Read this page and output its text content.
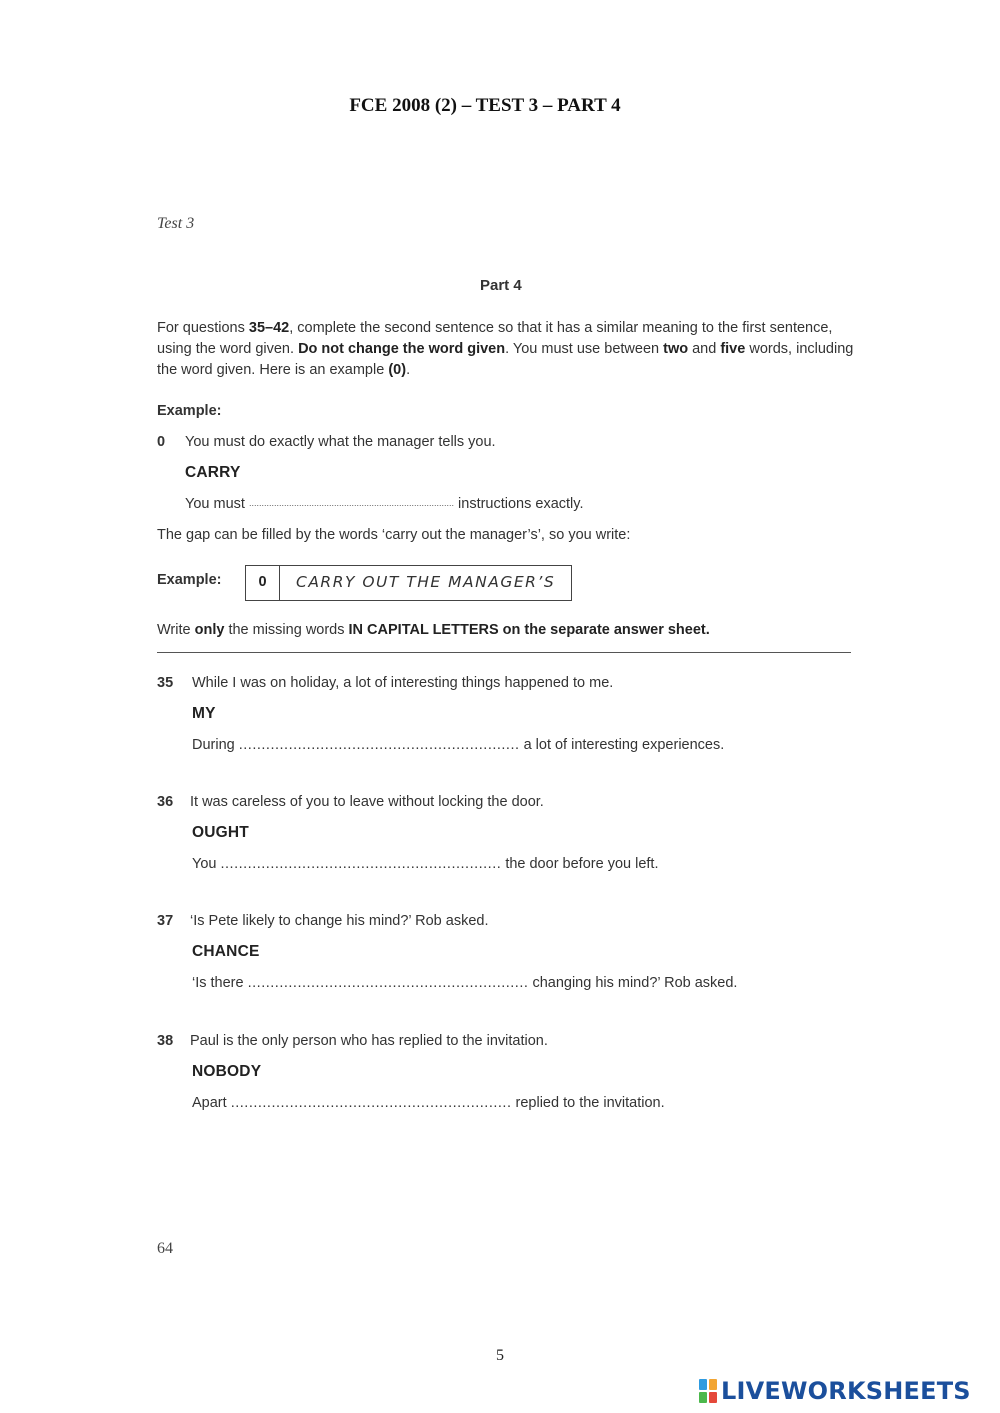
FCE 2008 (2) – TEST 3 – PART 4
Test 3
Part 4
For questions 35–42, complete the second sentence so that it has a similar meaning to the first sentence, using the word given. Do not change the word given. You must use between two and five words, including the word given. Here is an example (0).
Example:
0 You must do exactly what the manager tells you.
CARRY
You must .................................................................................. instructions exactly.
The gap can be filled by the words ‘carry out the manager’s’, so you write:
Example:	0	CARRY OUT THE MANAGER’S
Write only the missing words IN CAPITAL LETTERS on the separate answer sheet.
35 While I was on holiday, a lot of interesting things happened to me.
MY
During .............................................................. a lot of interesting experiences.
36 It was careless of you to leave without locking the door.
OUGHT
You .............................................................. the door before you left.
37 ‘Is Pete likely to change his mind?’ Rob asked.
CHANCE
‘Is there .............................................................. changing his mind?’ Rob asked.
38 Paul is the only person who has replied to the invitation.
NOBODY
Apart .............................................................. replied to the invitation.
64
5
LIVEWORKSHEETS
